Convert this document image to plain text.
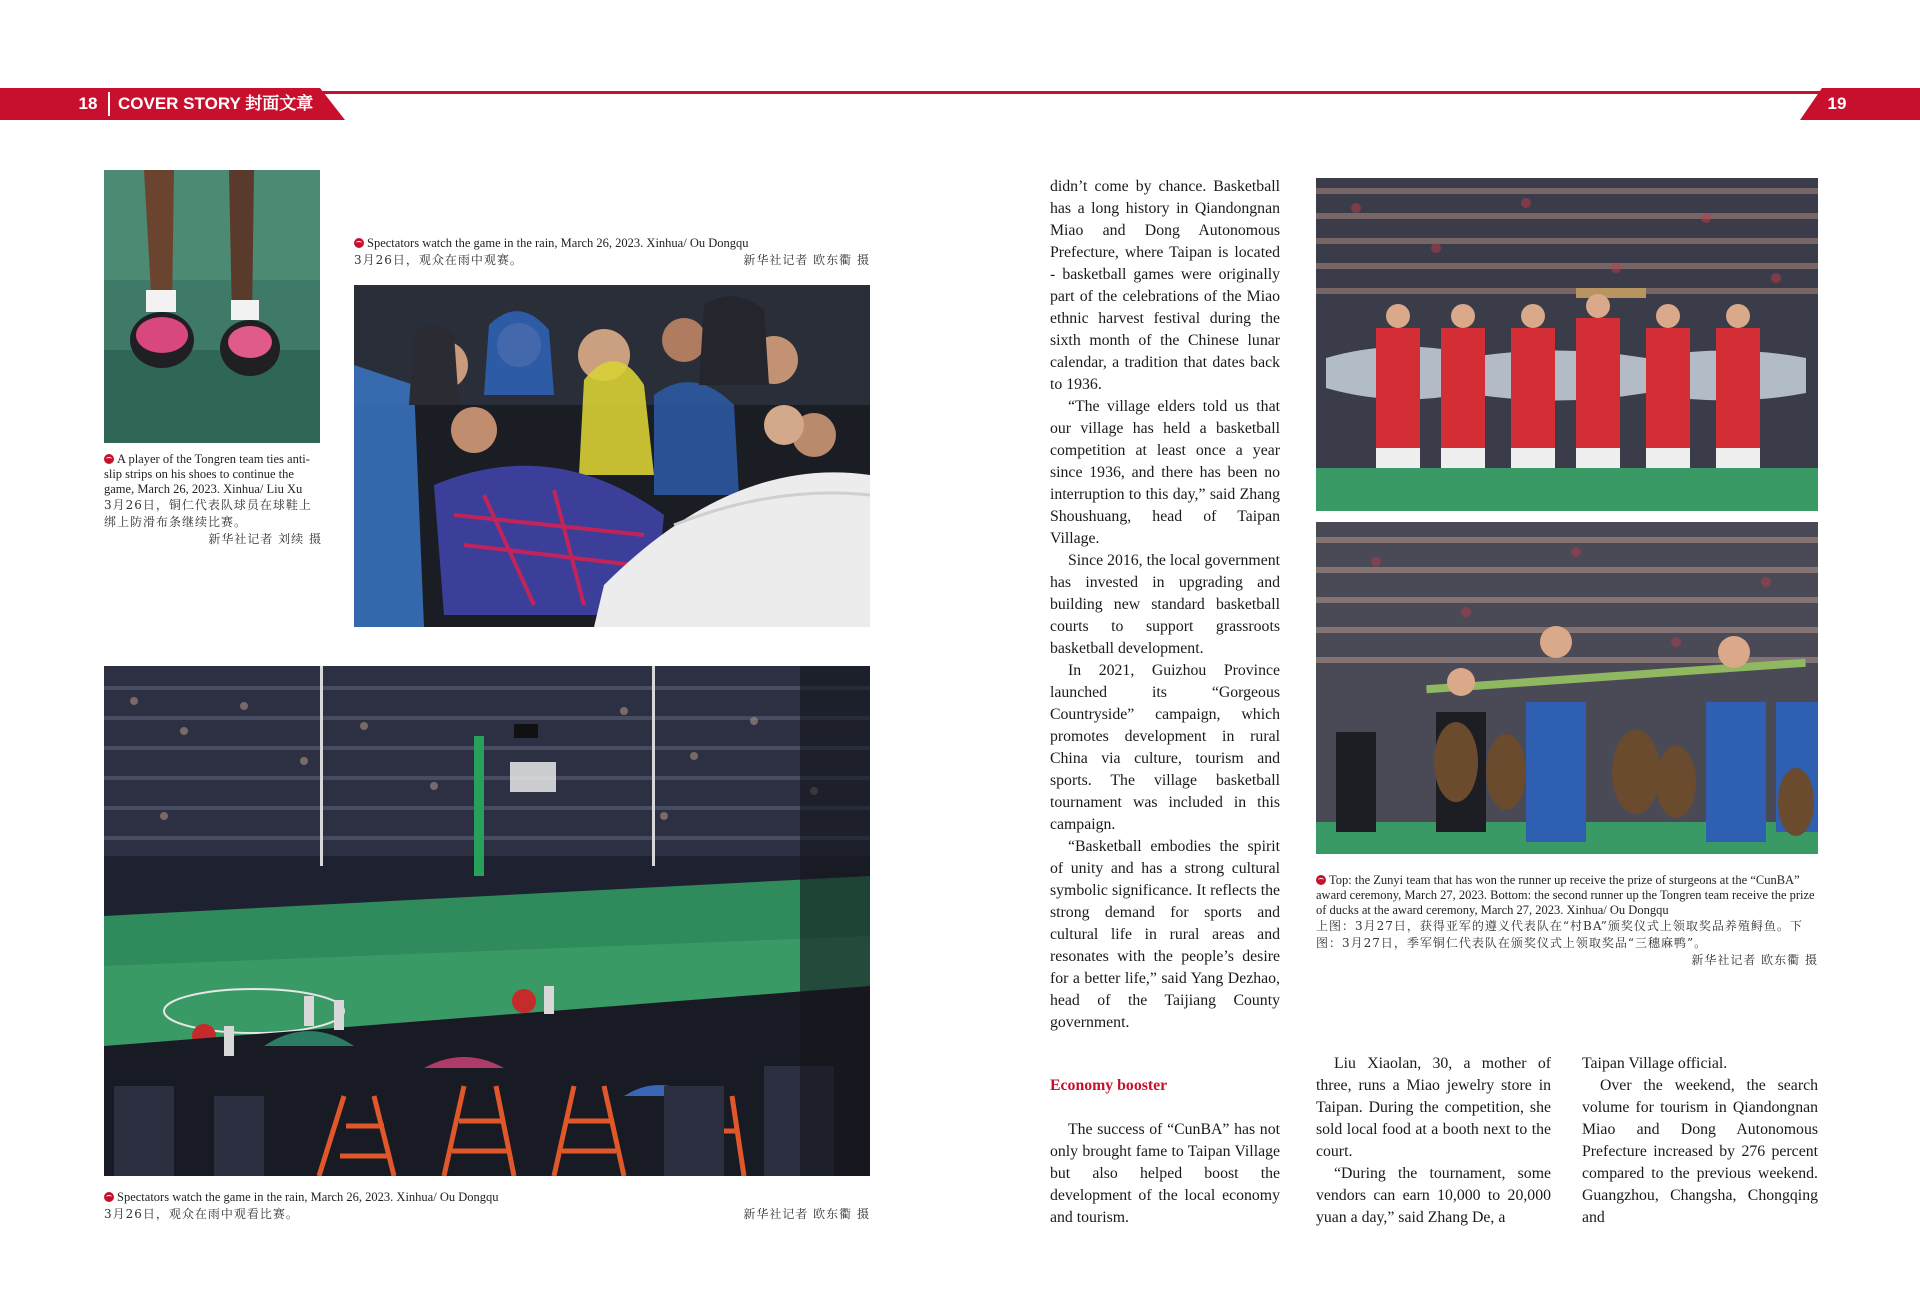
18	COVER STORY 封面文章	19
A player of the Tongren team ties anti-slip strips on his shoes to continue the game, March 26, 2023. Xinhua/ Liu Xu
3月26日，铜仁代表队球员在球鞋上绑上防滑布条继续比赛。
新华社记者 刘续 摄
Spectators watch the game in the rain, March 26, 2023. Xinhua/ Ou Dongqu
3月26日，观众在雨中观赛。	新华社记者 欧东衢 摄
Spectators watch the game in the rain, March 26, 2023. Xinhua/ Ou Dongqu
3月26日，观众在雨中观看比赛。	新华社记者 欧东衢 摄

didn’t come by chance. Basketball has a long history in Qiandongnan Miao and Dong Autonomous Prefecture, where Taipan is located - basketball games were originally part of the celebrations of the Miao ethnic harvest festival during the sixth month of the Chinese lunar calendar, a tradition that dates back to 1936.

“The village elders told us that our village has held a basketball competition at least once a year since 1936, and there has been no interruption to this day,” said Zhang Shoushuang, head of Taipan Village.

Since 2016, the local government has invested in upgrading and building new standard basketball courts to support grassroots basketball development.

In 2021, Guizhou Province launched its “Gorgeous Countryside” campaign, which promotes development in rural China via culture, tourism and sports. The village basketball tournament was included in this campaign.

“Basketball embodies the spirit of unity and has a strong cultural symbolic significance. It reflects the strong demand for sports and cultural life in rural areas and resonates with the people’s desire for a better life,” said Yang Dezhao, head of the Taijiang County government.

Economy booster

The success of “CunBA” has not only brought fame to Taipan Village but also helped boost the development of the local economy and tourism.

Top: the Zunyi team that has won the runner up receive the prize of sturgeons at the “CunBA” award ceremony, March 27, 2023. Bottom: the second runner up the Tongren team receive the prize of ducks at the award ceremony, March 27, 2023. Xinhua/ Ou Dongqu
上图：3月27日，获得亚军的遵义代表队在“村BA”颁奖仪式上领取奖品养殖鲟鱼。下图：3月27日，季军铜仁代表队在颁奖仪式上领取奖品“三穗麻鸭”。
新华社记者 欧东衢 摄

Liu Xiaolan, 30, a mother of three, runs a Miao jewelry store in Taipan. During the competition, she sold local food at a booth next to the court.

“During the tournament, some vendors can earn 10,000 to 20,000 yuan a day,” said Zhang De, a

Taipan Village official.

Over the weekend, the search volume for tourism in Qiandongnan Miao and Dong Autonomous Prefecture increased by 276 percent compared to the previous weekend. Guangzhou, Changsha, Chongqing and
